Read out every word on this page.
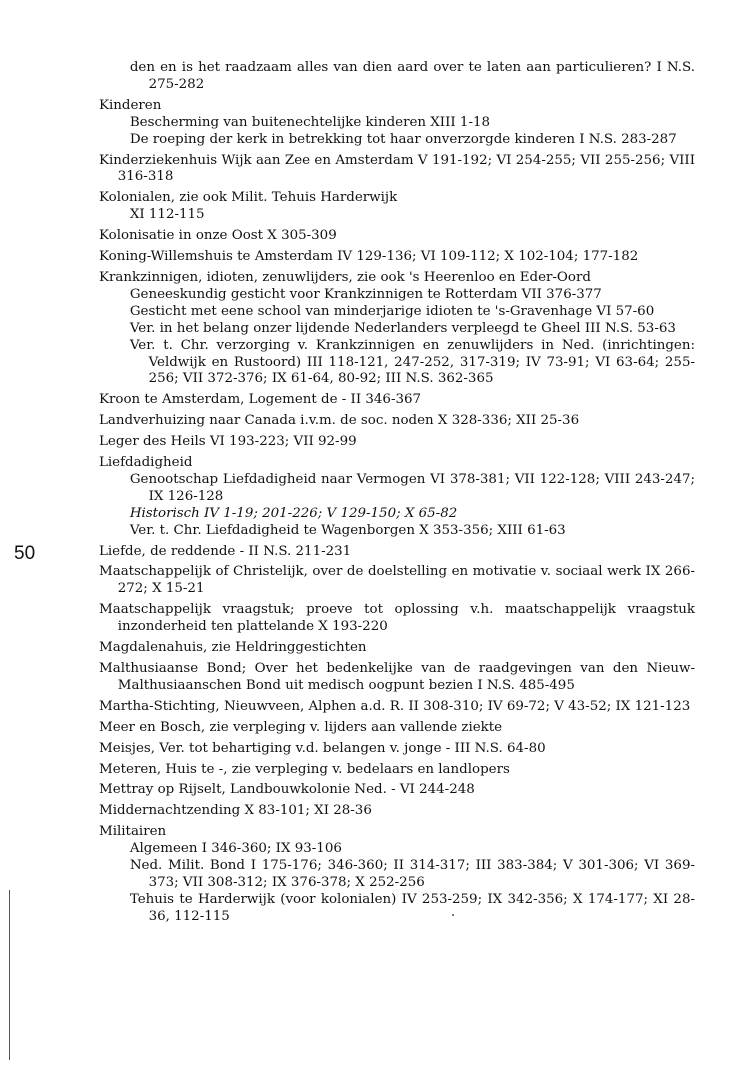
50
den en is het raadzaam alles van dien aard over te laten aan particulieren? I N.S. 275-282
Kinderen
Bescherming van buitenechtelijke kinderen XIII 1-18
De roeping der kerk in betrekking tot haar onverzorgde kinderen I N.S. 283-287
Kinderziekenhuis Wijk aan Zee en Amsterdam V 191-192; VI 254-255; VII 255-256; VIII 316-318
Kolonialen, zie ook Milit. Tehuis Harderwijk
XI 112-115
Kolonisatie in onze Oost X 305-309
Koning-Willemshuis te Amsterdam IV 129-136; VI 109-112; X 102-104; 177-182
Krankzinnigen, idioten, zenuwlijders, zie ook 's Heerenloo en Eder-Oord
Geneeskundig gesticht voor Krankzinnigen te Rotterdam VII 376-377
Gesticht met eene school van minderjarige idioten te 's-Gravenhage VI 57-60
Ver. in het belang onzer lijdende Nederlanders verpleegd te Gheel III N.S. 53-63
Ver. t. Chr. verzorging v. Krankzinnigen en zenuwlijders in Ned. (inrichtingen: Veldwijk en Rustoord) III 118-121, 247-252, 317-319; IV 73-91; VI 63-64; 255-256; VII 372-376; IX 61-64, 80-92; III N.S. 362-365
Kroon te Amsterdam, Logement de - II 346-367
Landverhuizing naar Canada i.v.m. de soc. noden X 328-336; XII 25-36
Leger des Heils VI 193-223; VII 92-99
Liefdadigheid
Genootschap Liefdadigheid naar Vermogen VI 378-381; VII 122-128; VIII 243-247; IX 126-128
Historisch IV 1-19; 201-226; V 129-150; X 65-82
Ver. t. Chr. Liefdadigheid te Wagenborgen X 353-356; XIII 61-63
Liefde, de reddende - II N.S. 211-231
Maatschappelijk of Christelijk, over de doelstelling en motivatie v. sociaal werk IX 266-272; X 15-21
Maatschappelijk vraagstuk; proeve tot oplossing v.h. maatschappelijk vraagstuk inzonderheid ten plattelande X 193-220
Magdalenahuis, zie Heldringgestichten
Malthusiaanse Bond; Over het bedenkelijke van de raadgevingen van den Nieuw-Malthusiaanschen Bond uit medisch oogpunt bezien I N.S. 485-495
Martha-Stichting, Nieuwveen, Alphen a.d. R. II 308-310; IV 69-72; V 43-52; IX 121-123
Meer en Bosch, zie verpleging v. lijders aan vallende ziekte
Meisjes, Ver. tot behartiging v.d. belangen v. jonge - III N.S. 64-80
Meteren, Huis te -, zie verpleging v. bedelaars en landlopers
Mettray op Rijselt, Landbouwkolonie Ned. - VI 244-248
Middernachtzending X 83-101; XI 28-36
Militairen
Algemeen I 346-360; IX 93-106
Ned. Milit. Bond I 175-176; 346-360; II 314-317; III 383-384; V 301-306; VI 369-373; VII 308-312; IX 376-378; X 252-256
Tehuis te Harderwijk (voor kolonialen) IV 253-259; IX 342-356; X 174-177; XI 28-36, 112-115
